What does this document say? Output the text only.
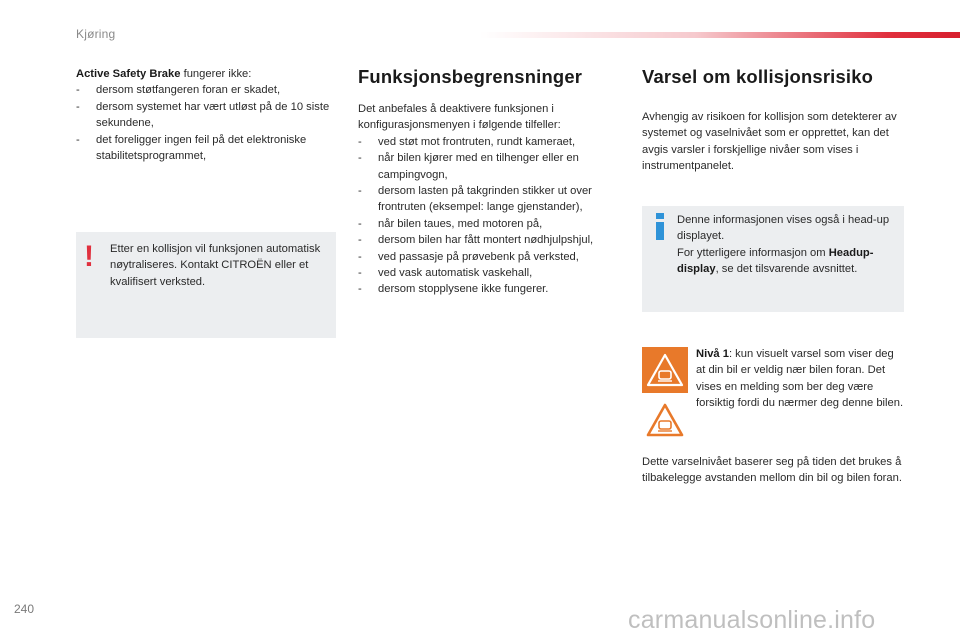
Kjøring

Active Safety Brake fungerer ikke:

- dersom støtfangeren foran er skadet,
- dersom systemet har vært utløst på de 10 siste sekundene,
- det foreligger ingen feil på det elektroniske stabilitetsprogrammet,
! Etter en kollisjon vil funksjonen automatisk nøytraliseres. Kontakt CITROËN eller et kvalifisert verksted.
Funksjonsbegrensninger

Det anbefales å deaktivere funksjonen i konfigurasjonsmenyen i følgende tilfeller:

- ved støt mot frontruten, rundt kameraet,
- når bilen kjører med en tilhenger eller en campingvogn,
- dersom lasten på takgrinden stikker ut over frontruten (eksempel: lange gjenstander),
- når bilen taues, med motoren på,
- dersom bilen har fått montert nødhjulpshjul,
- ved passasje på prøvebenk på verksted,
- ved vask automatisk vaskehall,
- dersom stopplysene ikke fungerer.
Varsel om kollisjonsrisiko

Avhengig av risikoen for kollisjon som detekterer av systemet og vaselnivået som er opprettet, kan det avgis varsler i forskjellige nivåer som vises i instrumentpanelet.

Denne informasjonen vises også i head-up displayet.
For ytterligere informasjon om Headup-display, se det tilsvarende avsnittet.
Nivå 1: kun visuelt varsel som viser deg at din bil er veldig nær bilen foran. Det vises en melding som ber deg være forsiktig fordi du nærmer deg denne bilen.
Dette varselnivået baserer seg på tiden det brukes å tilbakelegge avstanden mellom din bil og bilen foran.
240	carmanualsonline.info
